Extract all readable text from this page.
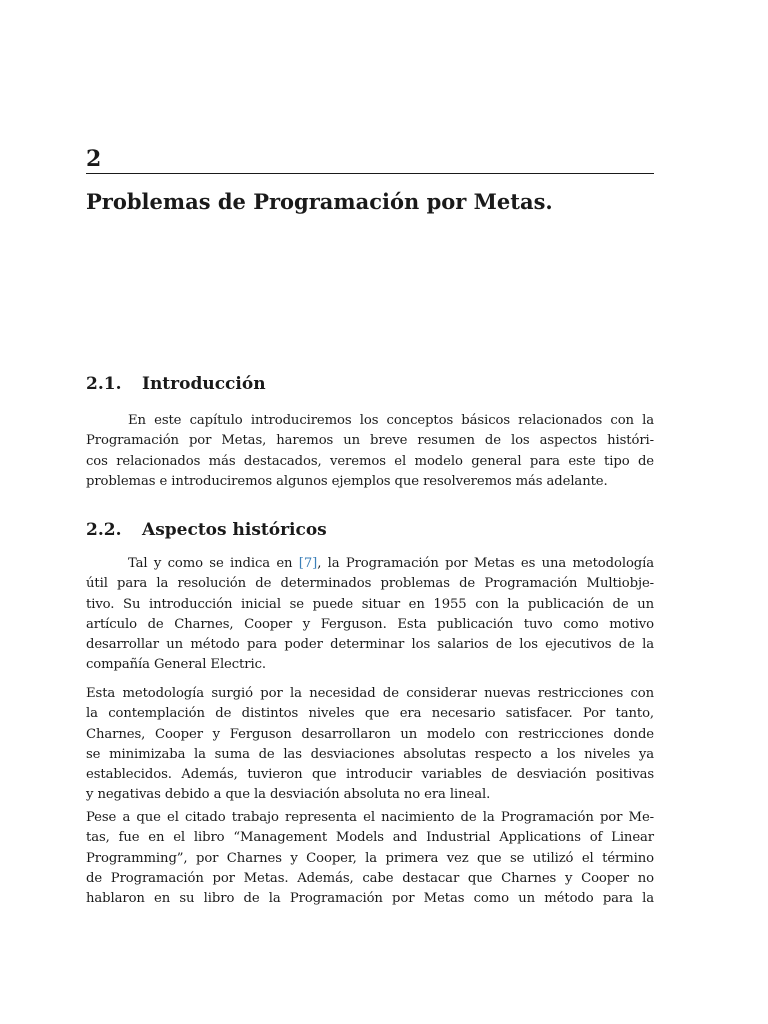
2
Problemas de Programación por Metas.
2.1. Introducción

En este capítulo introduciremos los conceptos básicos relacionados con la
Programación por Metas, haremos un breve resumen de los aspectos históri-
cos relacionados más destacados, veremos el modelo general para este tipo de
problemas e introduciremos algunos ejemplos que resolveremos más adelante.

2.2. Aspectos históricos

Tal y como se indica en [7], la Programación por Metas es una metodología
útil para la resolución de determinados problemas de Programación Multiobje-
tivo. Su introducción inicial se puede situar en 1955 con la publicación de un
artículo de Charnes, Cooper y Ferguson. Esta publicación tuvo como motivo
desarrollar un método para poder determinar los salarios de los ejecutivos de la
compañía General Electric.

Esta metodología surgió por la necesidad de considerar nuevas restricciones con
la contemplación de distintos niveles que era necesario satisfacer. Por tanto,
Charnes, Cooper y Ferguson desarrollaron un modelo con restricciones donde
se minimizaba la suma de las desviaciones absolutas respecto a los niveles ya
establecidos. Además, tuvieron que introducir variables de desviación positivas
y negativas debido a que la desviación absoluta no era lineal.

Pese a que el citado trabajo representa el nacimiento de la Programación por Me-
tas, fue en el libro “Management Models and Industrial Applications of Linear
Programming”, por Charnes y Cooper, la primera vez que se utilizó el término
de Programación por Metas. Además, cabe destacar que Charnes y Cooper no
hablaron en su libro de la Programación por Metas como un método para la
